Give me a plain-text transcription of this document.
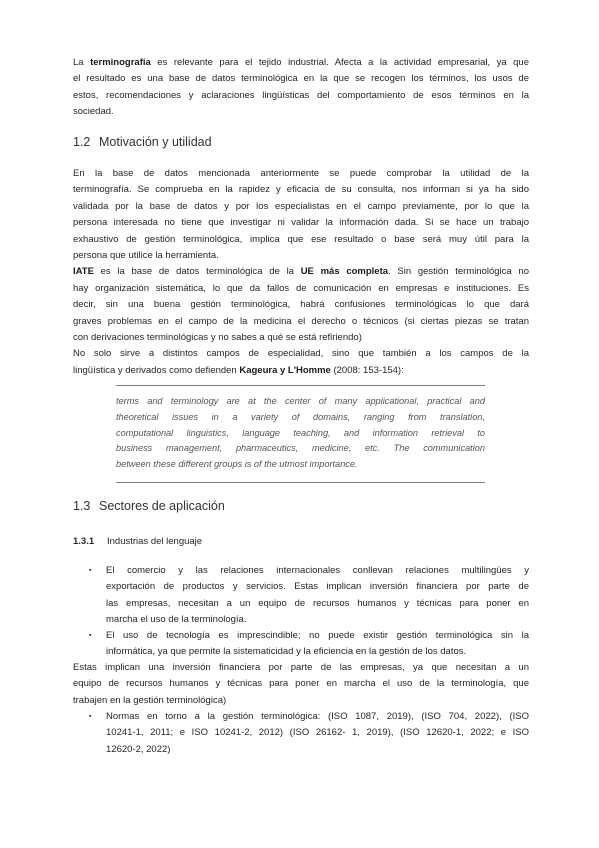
La terminografía es relevante para el tejido industrial. Afecta a la actividad empresarial, ya que
el resultado es una base de datos terminológica en la que se recogen los términos, los usos de
estos, recomendaciones y aclaraciones lingüísticas del comportamiento de esos términos en la
sociedad.
1.2 Motivación y utilidad
En la base de datos mencionada anteriormente se puede comprobar la utilidad de la
terminografía. Se comprueba en la rapidez y eficacia de su consulta, nos informan si ya ha sido
validada por la base de datos y por los especialistas en el campo previamente, por lo que la
persona interesada no tiene que investigar ni validar la información dada. Si se hace un trabajo
exhaustivo de gestión terminológica, implica que ese resultado o base será muy útil para la
persona que utilice la herramienta.
IATE es la base de datos terminológica de la UE más completa. Sin gestión terminológica no
hay organización sistemática, lo que da fallos de comunicación en empresas e instituciones. Es
decir, sin una buena gestión terminológica, habrá confusiones terminológicas lo que dará
graves problemas en el campo de la medicina el derecho o técnicos (si ciertas piezas se tratan
con derivaciones terminológicas y no sabes a qué se está refiriendo)
No solo sirve a distintos campos de especialidad, sino que también a los campos de la
lingüística y derivados como defienden Kageura y L'Homme (2008: 153-154):
terms and terminology are at the center of many applicational, practical and
theoretical issues in a variety of domains, ranging from translation,
computational linguistics, language teaching, and information retrieval to
business management, pharmaceutics, medicine, etc. The communication
between these different groups is of the utmost importance.
1.3 Sectores de aplicación
1.3.1 Industrias del lenguaje
▪ El comercio y las relaciones internacionales conllevan relaciones multilingües y
exportación de productos y servicios. Estas implican inversión financiera por parte de
las empresas, necesitan a un equipo de recursos humanos y técnicas para poner en
marcha el uso de la terminología.
▪ El uso de tecnología es imprescindible; no puede existir gestión terminológica sin la
informática, ya que permite la sistematicidad y la eficiencia en la gestión de los datos.
Estas implican una inversión financiera por parte de las empresas, ya que necesitan a un
equipo de recursos humanos y técnicas para poner en marcha el uso de la terminología, que
trabajen en la gestión terminológica)
▪ Normas en torno a la gestión terminológica: (ISO 1087, 2019), (ISO 704, 2022), (ISO
10241-1, 2011; e ISO 10241-2, 2012) (ISO 26162- 1, 2019), (ISO 12620-1, 2022; e ISO
12620-2, 2022)
